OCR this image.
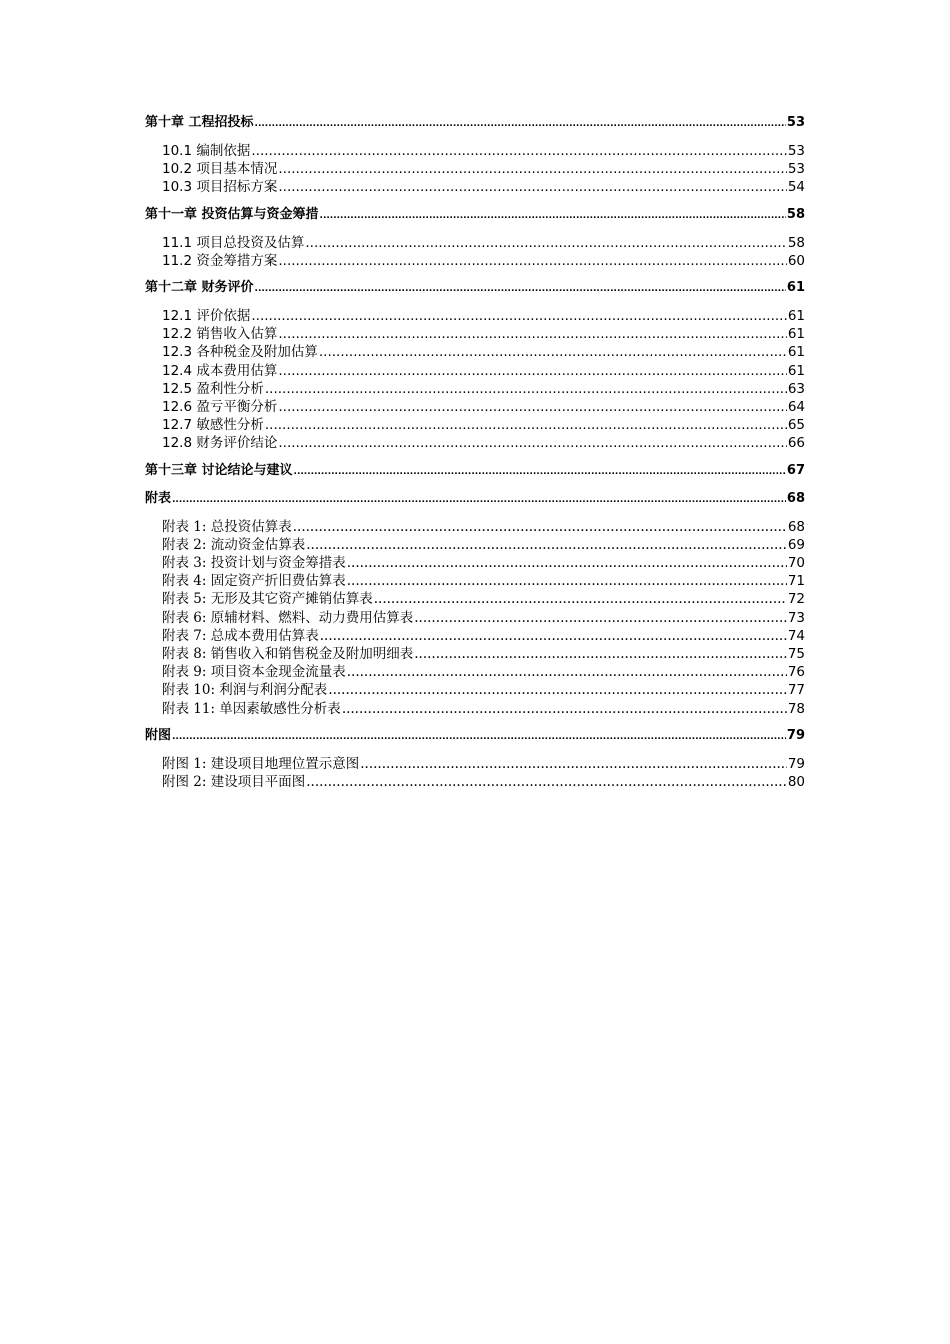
第十章 工程招投标 .....	53
10.1 编制依据 .....	53
10.2 项目基本情况 .....	53
10.3 项目招标方案 .....	54
第十一章 投资估算与资金筹措 .....	58
11.1 项目总投资及估算 .....	58
11.2 资金筹措方案 .....	60
第十二章 财务评价 .....	61
12.1 评价依据 .....	61
12.2 销售收入估算 .....	61
12.3 各种税金及附加估算 .....	61
12.4 成本费用估算 .....	61
12.5 盈利性分析 .....	63
12.6 盈亏平衡分析 .....	64
12.7 敏感性分析 .....	65
12.8 财务评价结论 .....	66
第十三章 讨论结论与建议 .....	67
附表 .....	68
附表 1: 总投资估算表 .....	68
附表 2: 流动资金估算表 .....	69
附表 3: 投资计划与资金筹措表 .....	70
附表 4: 固定资产折旧费估算表 .....	71
附表 5: 无形及其它资产摊销估算表 .....	72
附表 6: 原辅材料、燃料、动力费用估算表 .....	73
附表 7: 总成本费用估算表 .....	74
附表 8: 销售收入和销售税金及附加明细表 .....	75
附表 9: 项目资本金现金流量表 .....	76
附表 10: 利润与利润分配表 .....	77
附表 11: 单因素敏感性分析表 .....	78
附图 .....	79
附图 1: 建设项目地理位置示意图 .....	79
附图 2: 建设项目平面图 .....	80
